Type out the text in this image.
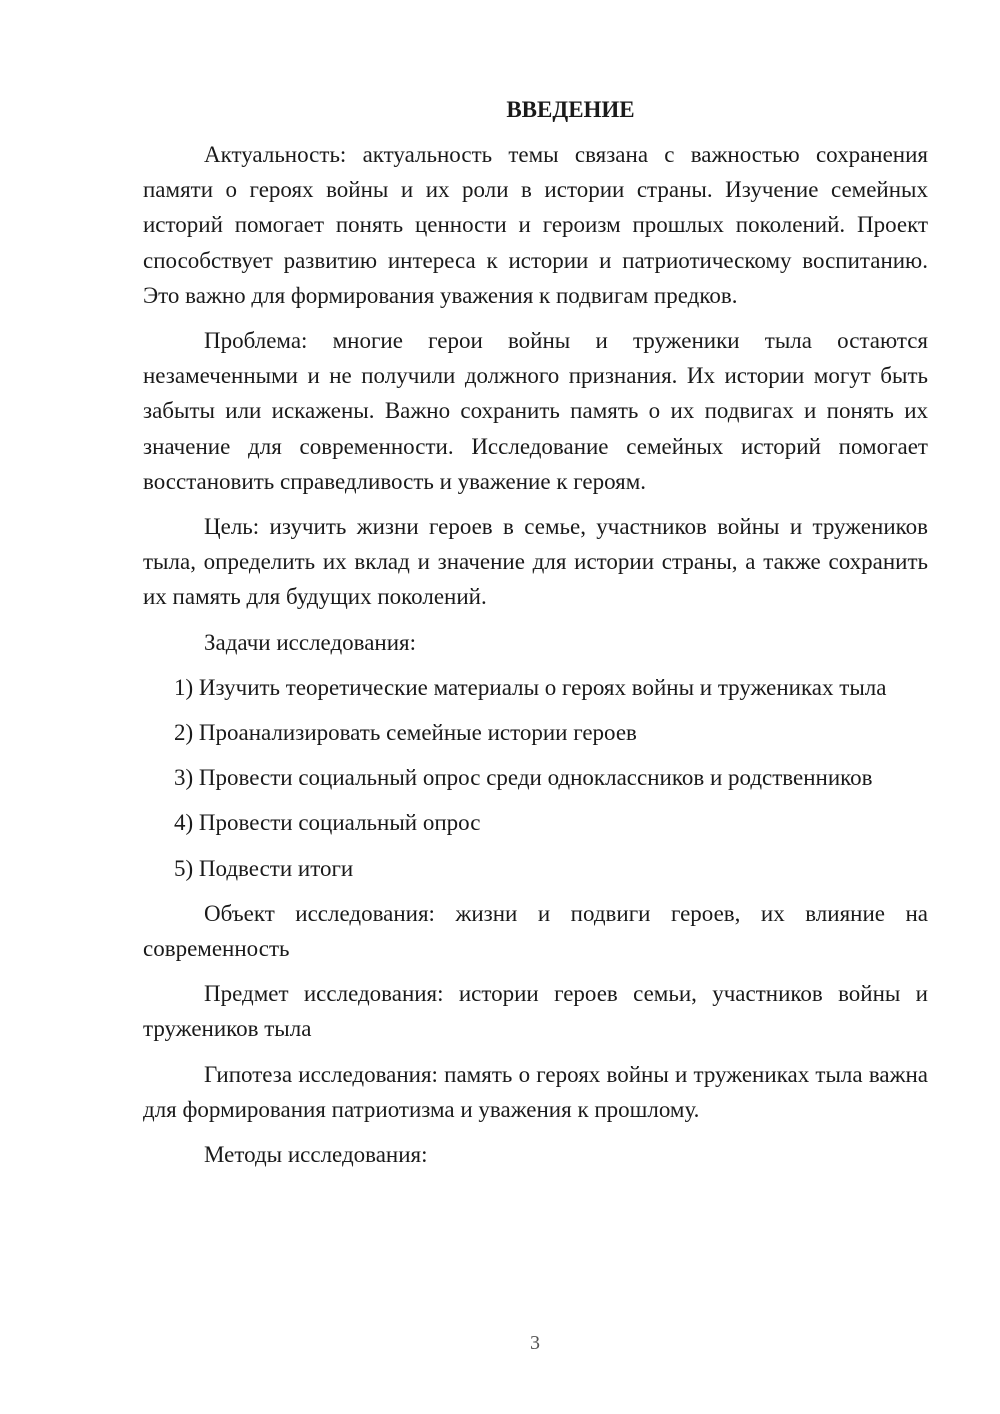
ВВЕДЕНИЕ

Актуальность: актуальность темы связана с важностью сохранения памяти о героях войны и их роли в истории страны. Изучение семейных историй помогает понять ценности и героизм прошлых поколений. Проект способствует развитию интереса к истории и патриотическому воспитанию. Это важно для формирования уважения к подвигам предков.

Проблема: многие герои войны и труженики тыла остаются незамеченными и не получили должного признания. Их истории могут быть забыты или искажены. Важно сохранить память о их подвигах и понять их значение для современности. Исследование семейных историй помогает восстановить справедливость и уважение к героям.

Цель: изучить жизни героев в семье, участников войны и тружеников тыла, определить их вклад и значение для истории страны, а также сохранить их память для будущих поколений.

Задачи исследования:

1) Изучить теоретические материалы о героях войны и тружениках тыла

2) Проанализировать семейные истории героев

3) Провести социальный опрос среди одноклассников и родственников

4) Провести социальный опрос

5) Подвести итоги

Объект исследования: жизни и подвиги героев, их влияние на современность

Предмет исследования: истории героев семьи, участников войны и тружеников тыла

Гипотеза исследования: память о героях войны и тружениках тыла важна для формирования патриотизма и уважения к прошлому.

Методы исследования:

3
